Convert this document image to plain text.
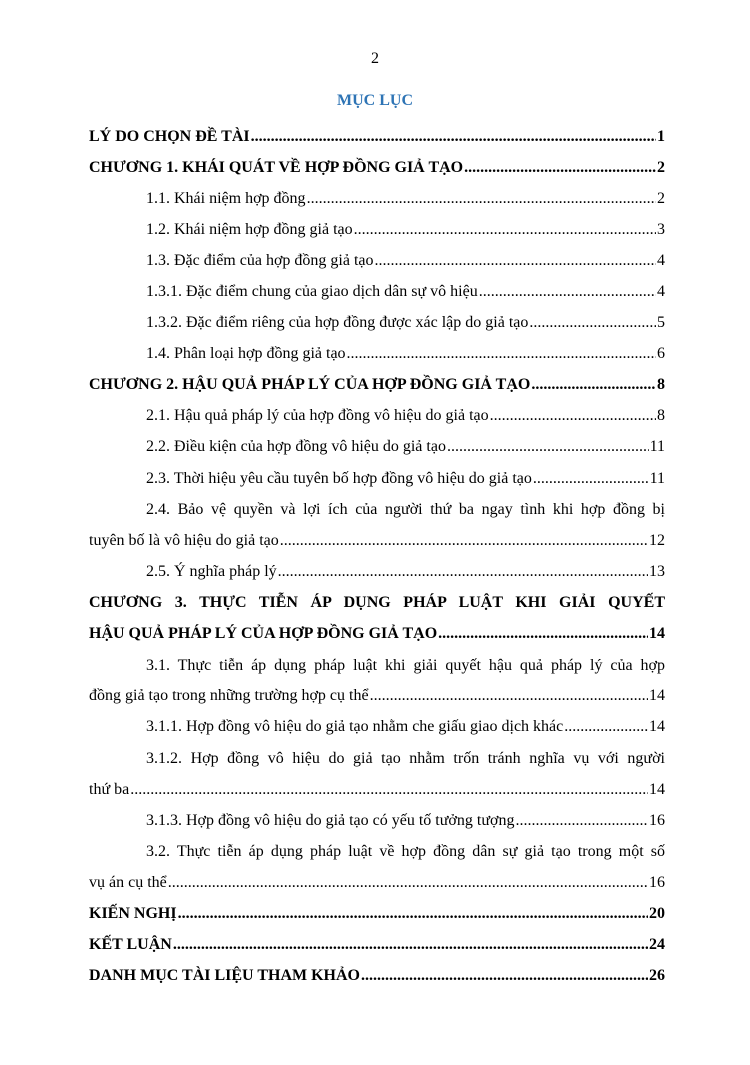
2
MỤC LỤC
LÝ DO CHỌN ĐỀ TÀI .....	1
CHƯƠNG 1. KHÁI QUÁT VỀ HỢP ĐỒNG GIẢ TẠO .....	2
1.1. Khái niệm hợp đồng .....	2
1.2. Khái niệm hợp đồng giả tạo .....	3
1.3. Đặc điểm của hợp đồng giả tạo .....	4
1.3.1. Đặc điểm chung của giao dịch dân sự vô hiệu .....	4
1.3.2. Đặc điểm riêng của hợp đồng được xác lập do giả tạo .....	5
1.4. Phân loại hợp đồng giả tạo .....	6
CHƯƠNG 2. HẬU QUẢ PHÁP LÝ CỦA HỢP ĐỒNG GIẢ TẠO .....	8
2.1. Hậu quả pháp lý của hợp đồng vô hiệu do giả tạo .....	8
2.2. Điều kiện của hợp đồng vô hiệu do giả tạo .....	11
2.3. Thời hiệu yêu cầu tuyên bố hợp đồng vô hiệu do giả tạo .....	11
2.4. Bảo vệ quyền và lợi ích của người thứ ba ngay tình khi hợp đồng bị
tuyên bố là vô hiệu do giả tạo .....	12
2.5. Ý nghĩa pháp lý .....	13
CHƯƠNG 3. THỰC TIỄN ÁP DỤNG PHÁP LUẬT KHI GIẢI QUYẾT
HẬU QUẢ PHÁP LÝ CỦA HỢP ĐỒNG GIẢ TẠO .....	14
3.1. Thực tiễn áp dụng pháp luật khi giải quyết hậu quả pháp lý của hợp
đồng giả tạo trong những trường hợp cụ thể .....	14
3.1.1. Hợp đồng vô hiệu do giả tạo nhằm che giấu giao dịch khác .....	14
3.1.2. Hợp đồng vô hiệu do giả tạo nhằm trốn tránh nghĩa vụ với người
thứ ba .....	14
3.1.3. Hợp đồng vô hiệu do giả tạo có yếu tố tưởng tượng .....	16
3.2. Thực tiễn áp dụng pháp luật về hợp đồng dân sự giả tạo trong một số
vụ án cụ thể .....	16
KIẾN NGHỊ .....	20
KẾT LUẬN .....	24
DANH MỤC TÀI LIỆU THAM KHẢO .....	26
